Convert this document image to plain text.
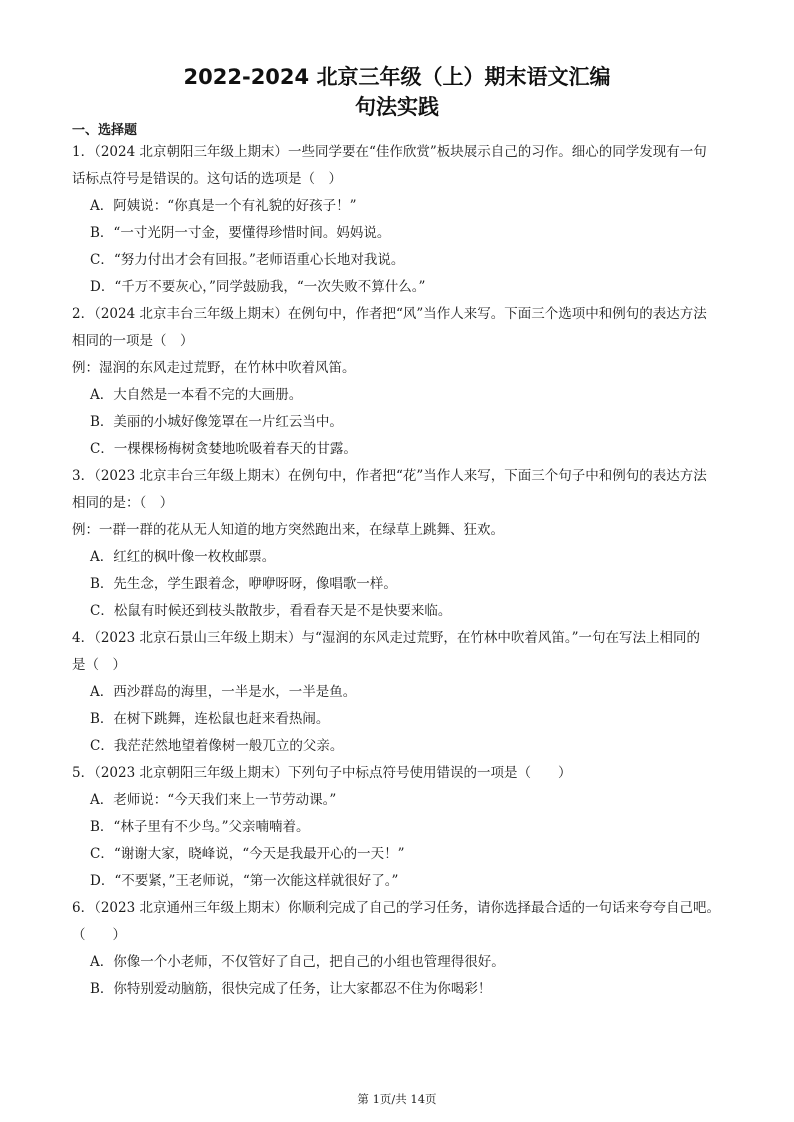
2022-2024 北京三年级（上）期末语文汇编
句法实践
一、选择题
1．（2024 北京朝阳三年级上期末）一些同学要在“佳作欣赏”板块展示自己的习作。细心的同学发现有一句
话标点符号是错误的。这句话的选项是（　）
A．阿姨说：“你真是一个有礼貌的好孩子！”
B．“一寸光阴一寸金，要懂得珍惜时间。妈妈说。
C．“努力付出才会有回报。”老师语重心长地对我说。
D．“千万不要灰心，”同学鼓励我，“一次失败不算什么。”
2．（2024 北京丰台三年级上期末）在例句中，作者把“风”当作人来写。下面三个选项中和例句的表达方法
相同的一项是（　）
例：湿润的东风走过荒野，在竹林中吹着风笛。
A．大自然是一本看不完的大画册。
B．美丽的小城好像笼罩在一片红云当中。
C．一棵棵杨梅树贪婪地吮吸着春天的甘露。
3．（2023 北京丰台三年级上期末）在例句中，作者把“花”当作人来写，下面三个句子中和例句的表达方法
相同的是：（　）
例：一群一群的花从无人知道的地方突然跑出来，在绿草上跳舞、狂欢。
A．红红的枫叶像一枚枚邮票。
B．先生念，学生跟着念，咿咿呀呀，像唱歌一样。
C．松鼠有时候还到枝头散散步，看看春天是不是快要来临。
4．（2023 北京石景山三年级上期末）与“湿润的东风走过荒野，在竹林中吹着风笛。”一句在写法上相同的
是（　）
A．西沙群岛的海里，一半是水，一半是鱼。
B．在树下跳舞，连松鼠也赶来看热闹。
C．我茫茫然地望着像树一般兀立的父亲。
5．（2023 北京朝阳三年级上期末）下列句子中标点符号使用错误的一项是（　　）
A．老师说：“今天我们来上一节劳动课。”
B．“林子里有不少鸟。”父亲喃喃着。
C．“谢谢大家，晓峰说，“今天是我最开心的一天！”
D．“不要紧，”王老师说，“第一次能这样就很好了。”
6．（2023 北京通州三年级上期末）你顺利完成了自己的学习任务，请你选择最合适的一句话来夸夸自己吧。
（　　）
A．你像一个小老师，不仅管好了自己，把自己的小组也管理得很好。
B．你特别爱动脑筋，很快完成了任务，让大家都忍不住为你喝彩！
第 1页/共 14页
